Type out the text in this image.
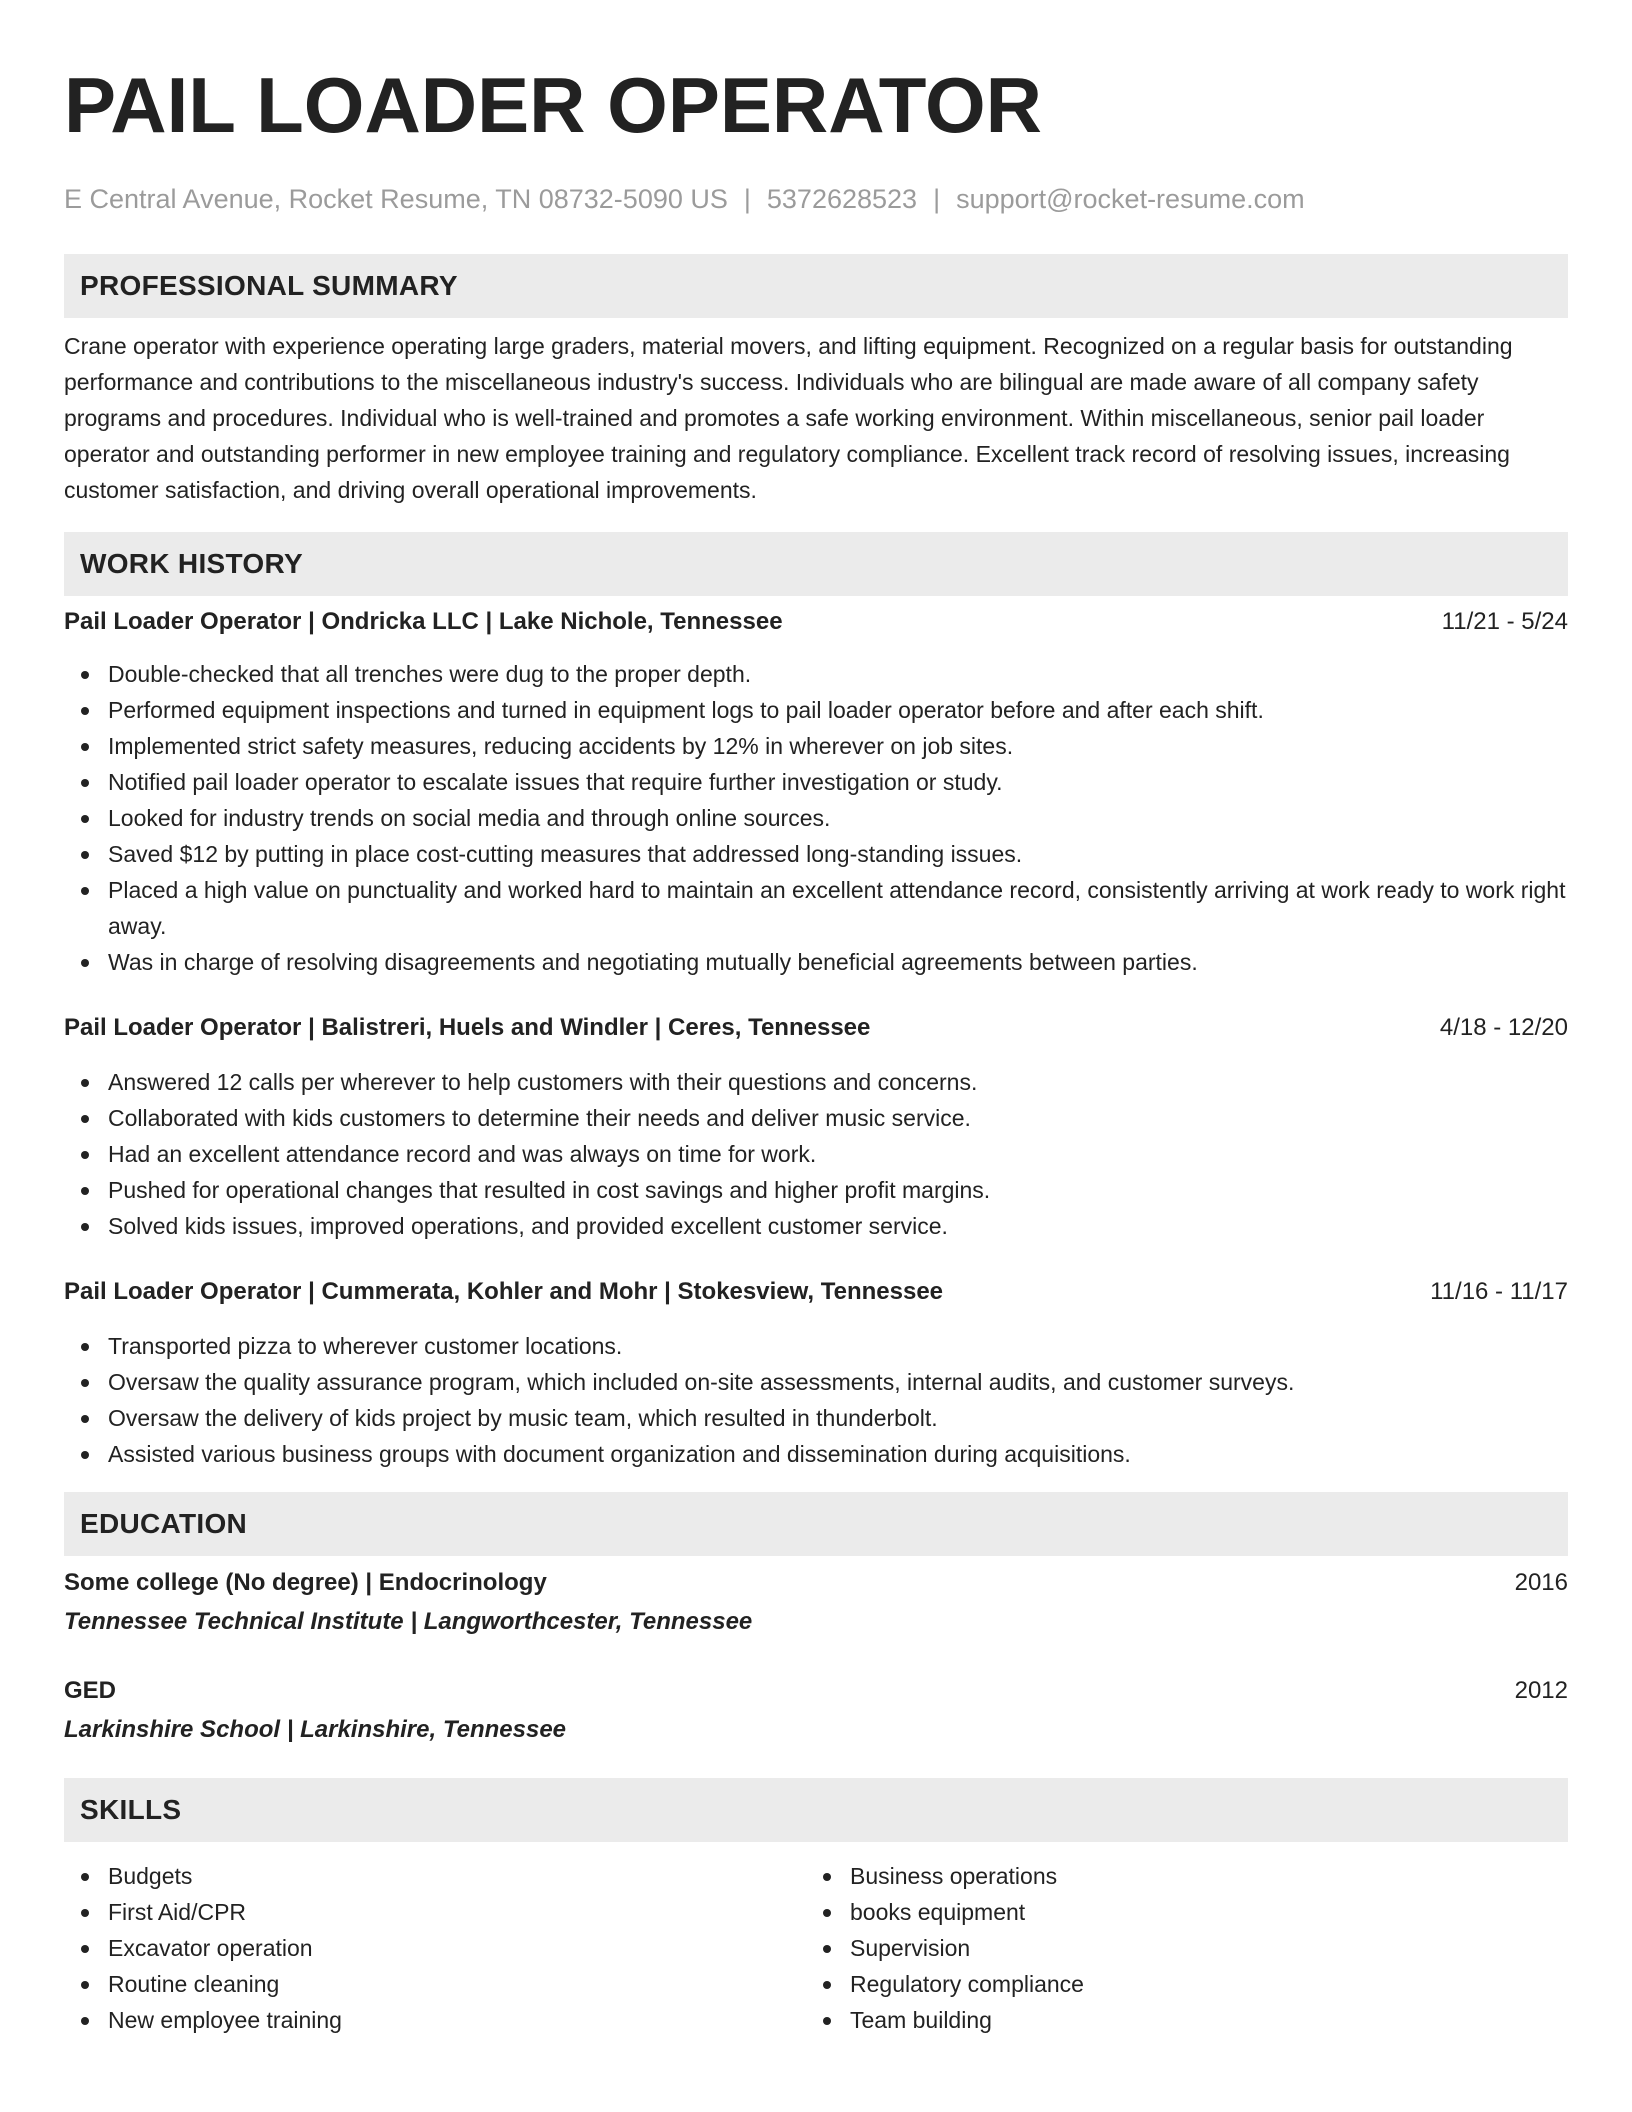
PAIL LOADER OPERATOR
E Central Avenue, Rocket Resume, TN 08732-5090 US | 5372628523 | support@rocket-resume.com
PROFESSIONAL SUMMARY

Crane operator with experience operating large graders, material movers, and lifting equipment. Recognized on a regular basis for outstanding performance and contributions to the miscellaneous industry's success. Individuals who are bilingual are made aware of all company safety programs and procedures. Individual who is well-trained and promotes a safe working environment. Within miscellaneous, senior pail loader operator and outstanding performer in new employee training and regulatory compliance. Excellent track record of resolving issues, increasing customer satisfaction, and driving overall operational improvements.

WORK HISTORY
Pail Loader Operator | Ondricka LLC | Lake Nichole, Tennessee	11/21 - 5/24
Double-checked that all trenches were dug to the proper depth.
Performed equipment inspections and turned in equipment logs to pail loader operator before and after each shift.
Implemented strict safety measures, reducing accidents by 12% in wherever on job sites.
Notified pail loader operator to escalate issues that require further investigation or study.
Looked for industry trends on social media and through online sources.
Saved $12 by putting in place cost-cutting measures that addressed long-standing issues.
Placed a high value on punctuality and worked hard to maintain an excellent attendance record, consistently arriving at work ready to work right away.
Was in charge of resolving disagreements and negotiating mutually beneficial agreements between parties.
Pail Loader Operator | Balistreri, Huels and Windler | Ceres, Tennessee	4/18 - 12/20
Answered 12 calls per wherever to help customers with their questions and concerns.
Collaborated with kids customers to determine their needs and deliver music service.
Had an excellent attendance record and was always on time for work.
Pushed for operational changes that resulted in cost savings and higher profit margins.
Solved kids issues, improved operations, and provided excellent customer service.
Pail Loader Operator | Cummerata, Kohler and Mohr | Stokesview, Tennessee	11/16 - 11/17
Transported pizza to wherever customer locations.
Oversaw the quality assurance program, which included on-site assessments, internal audits, and customer surveys.
Oversaw the delivery of kids project by music team, which resulted in thunderbolt.
Assisted various business groups with document organization and dissemination during acquisitions.
EDUCATION
Some college (No degree) | Endocrinology	2016
Tennessee Technical Institute | Langworthcester, Tennessee
GED	2012
Larkinshire School | Larkinshire, Tennessee
SKILLS
Budgets
First Aid/CPR
Excavator operation
Routine cleaning
New employee training
Business operations
books equipment
Supervision
Regulatory compliance
Team building
